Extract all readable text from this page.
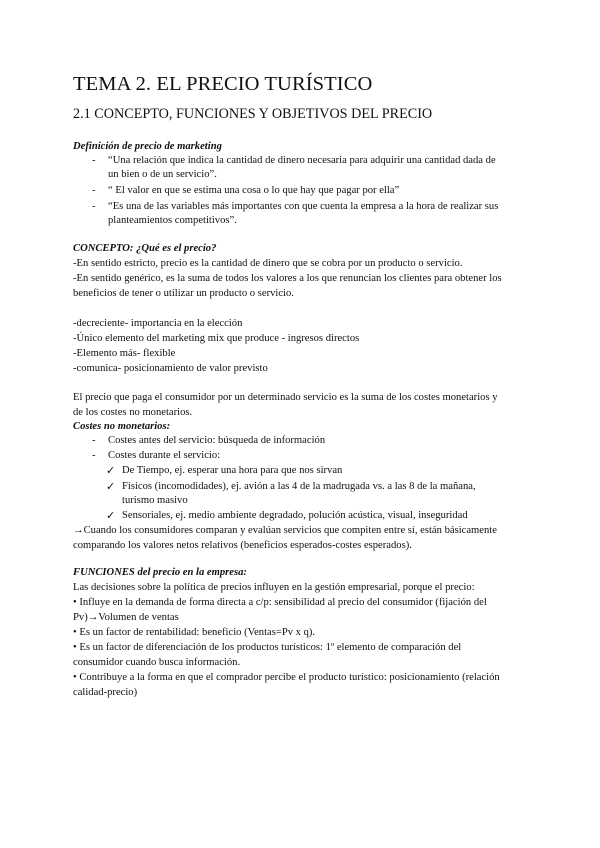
TEMA 2. EL PRECIO TURÍSTICO
2.1 CONCEPTO, FUNCIONES Y OBJETIVOS DEL PRECIO
Definición de precio de marketing
- “Una relación que indica la cantidad de dinero necesaria para adquirir una cantidad dada de
un bien o de un servicio”.
- “ El valor en que se estima una cosa o lo que hay que pagar por ella”
- “Es una de las variables más importantes con que cuenta la empresa a la hora de realizar sus
planteamientos competitivos”.
CONCEPTO: ¿Qué es el precio?
-En sentido estricto, precio es la cantidad de dinero que se cobra por un producto o servicio.
-En sentido genérico, es la suma de todos los valores a los que renuncian los clientes para obtener los
beneficios de tener o utilizar un producto o servicio.
-decreciente- importancia en la elección
-Único elemento del marketing mix que produce - ingresos directos
-Elemento más- flexible
-comunica- posicionamiento de valor previsto
El precio que paga el consumidor por un determinado servicio es la suma de los costes monetarios y
de los costes no monetarios.
Costes no monetarios:
- Costes antes del servicio: búsqueda de información
- Costes durante el servicio:
✓ De Tiempo, ej. esperar una hora para que nos sirvan
✓ Físicos (incomodidades), ej. avión a las 4 de la madrugada vs. a las 8 de la mañana,
turismo masivo
✓ Sensoriales, ej. medio ambiente degradado, polución acústica, visual, inseguridad
→Cuando los consumidores comparan y evalúan servicios que compiten entre sí, están básicamente
comparando los valores netos relativos (beneficios esperados-costes esperados).
FUNCIONES del precio en la empresa:
Las decisiones sobre la política de precios influyen en la gestión empresarial, porque el precio:
• Influye en la demanda de forma directa a c/p: sensibilidad al precio del consumidor (fijación del
Pv)→Volumen de ventas
• Es un factor de rentabilidad: beneficio (Ventas=Pv x q).
• Es un factor de diferenciación de los productos turísticos: 1º elemento de comparación del
consumidor cuando busca información.
• Contribuye a la forma en que el comprador percibe el producto turístico: posicionamiento (relación
calidad-precio)
